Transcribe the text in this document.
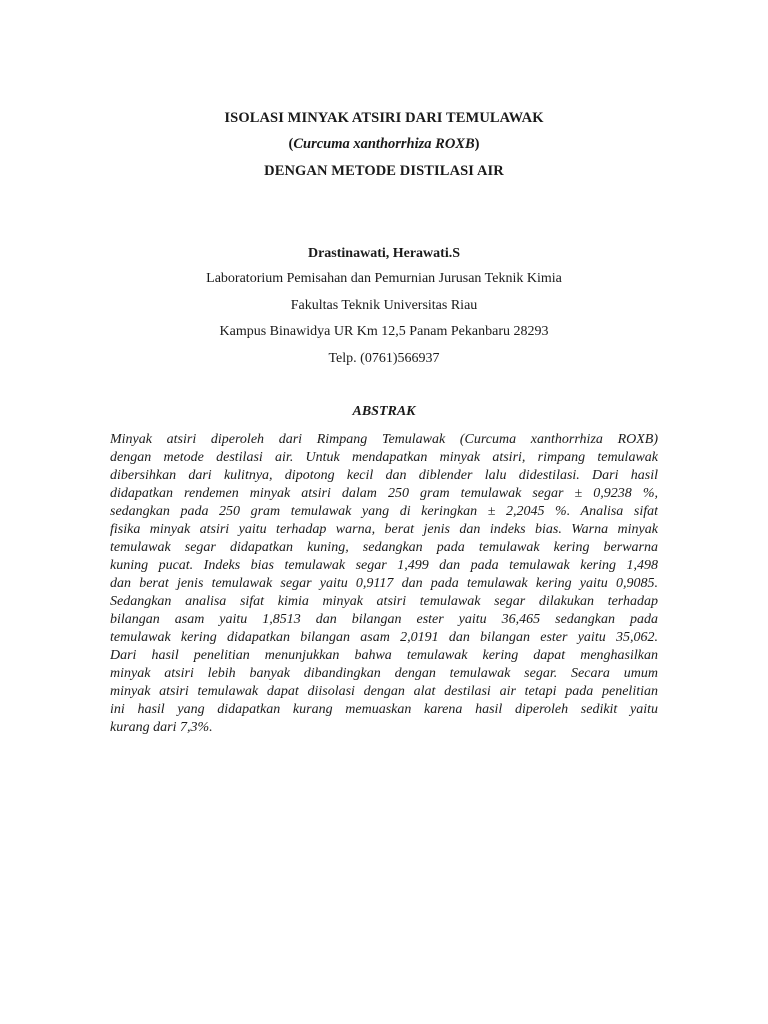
ISOLASI MINYAK ATSIRI DARI TEMULAWAK
(Curcuma xanthorrhiza ROXB)
DENGAN METODE DISTILASI AIR
Drastinawati, Herawati.S
Laboratorium Pemisahan dan Pemurnian Jurusan Teknik Kimia
Fakultas Teknik Universitas Riau
Kampus Binawidya UR Km 12,5 Panam Pekanbaru 28293
Telp. (0761)566937
ABSTRAK
Minyak atsiri diperoleh dari Rimpang Temulawak (Curcuma xanthorrhiza ROXB)
dengan metode destilasi air. Untuk mendapatkan minyak atsiri, rimpang temulawak
dibersihkan dari kulitnya, dipotong kecil dan diblender lalu didestilasi. Dari hasil
didapatkan rendemen minyak atsiri dalam 250 gram temulawak segar ± 0,9238 %,
sedangkan pada 250 gram temulawak yang di keringkan ± 2,2045 %. Analisa sifat
fisika minyak atsiri yaitu terhadap warna, berat jenis dan indeks bias. Warna minyak
temulawak segar didapatkan kuning, sedangkan pada temulawak kering berwarna
kuning pucat. Indeks bias temulawak segar 1,499 dan pada temulawak kering 1,498
dan berat jenis temulawak segar yaitu 0,9117 dan pada temulawak kering yaitu 0,9085.
Sedangkan analisa sifat kimia minyak atsiri temulawak segar dilakukan terhadap
bilangan asam yaitu 1,8513 dan bilangan ester yaitu 36,465 sedangkan pada
temulawak kering didapatkan bilangan asam 2,0191 dan bilangan ester yaitu 35,062.
Dari hasil penelitian menunjukkan bahwa temulawak kering dapat menghasilkan
minyak atsiri lebih banyak dibandingkan dengan temulawak segar. Secara umum
minyak atsiri temulawak dapat diisolasi dengan alat destilasi air tetapi pada penelitian
ini hasil yang didapatkan kurang memuaskan karena hasil diperoleh sedikit yaitu
kurang dari 7,3%.
